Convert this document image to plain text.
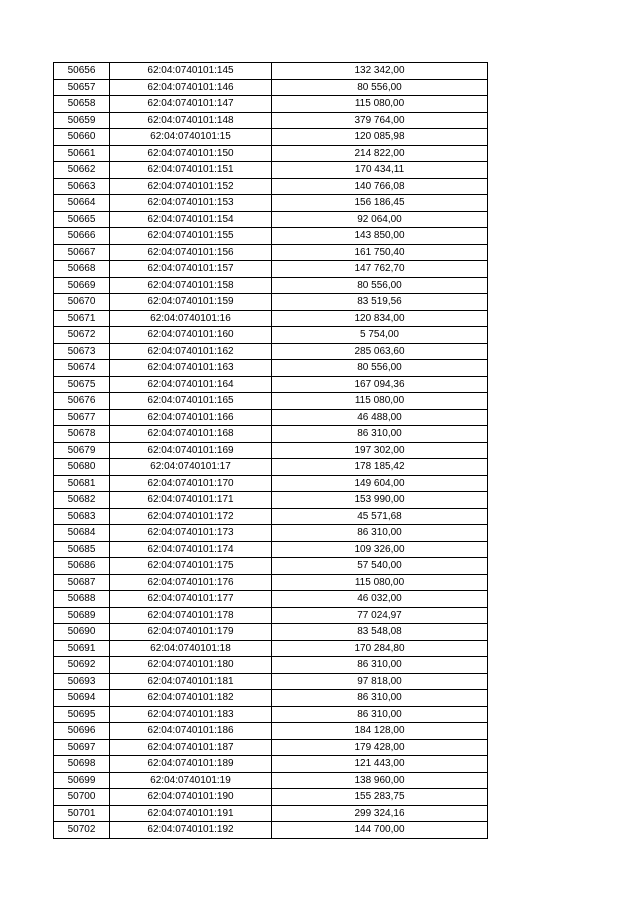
50656	62:04:0740101:145	132 342,00
50657	62:04:0740101:146	80 556,00
50658	62:04:0740101:147	115 080,00
50659	62:04:0740101:148	379 764,00
50660	62:04:0740101:15	120 085,98
50661	62:04:0740101:150	214 822,00
50662	62:04:0740101:151	170 434,11
50663	62:04:0740101:152	140 766,08
50664	62:04:0740101:153	156 186,45
50665	62:04:0740101:154	92 064,00
50666	62:04:0740101:155	143 850,00
50667	62:04:0740101:156	161 750,40
50668	62:04:0740101:157	147 762,70
50669	62:04:0740101:158	80 556,00
50670	62:04:0740101:159	83 519,56
50671	62:04:0740101:16	120 834,00
50672	62:04:0740101:160	5 754,00
50673	62:04:0740101:162	285 063,60
50674	62:04:0740101:163	80 556,00
50675	62:04:0740101:164	167 094,36
50676	62:04:0740101:165	115 080,00
50677	62:04:0740101:166	46 488,00
50678	62:04:0740101:168	86 310,00
50679	62:04:0740101:169	197 302,00
50680	62:04:0740101:17	178 185,42
50681	62:04:0740101:170	149 604,00
50682	62:04:0740101:171	153 990,00
50683	62:04:0740101:172	45 571,68
50684	62:04:0740101:173	86 310,00
50685	62:04:0740101:174	109 326,00
50686	62:04:0740101:175	57 540,00
50687	62:04:0740101:176	115 080,00
50688	62:04:0740101:177	46 032,00
50689	62:04:0740101:178	77 024,97
50690	62:04:0740101:179	83 548,08
50691	62:04:0740101:18	170 284,80
50692	62:04:0740101:180	86 310,00
50693	62:04:0740101:181	97 818,00
50694	62:04:0740101:182	86 310,00
50695	62:04:0740101:183	86 310,00
50696	62:04:0740101:186	184 128,00
50697	62:04:0740101:187	179 428,00
50698	62:04:0740101:189	121 443,00
50699	62:04:0740101:19	138 960,00
50700	62:04:0740101:190	155 283,75
50701	62:04:0740101:191	299 324,16
50702	62:04:0740101:192	144 700,00
